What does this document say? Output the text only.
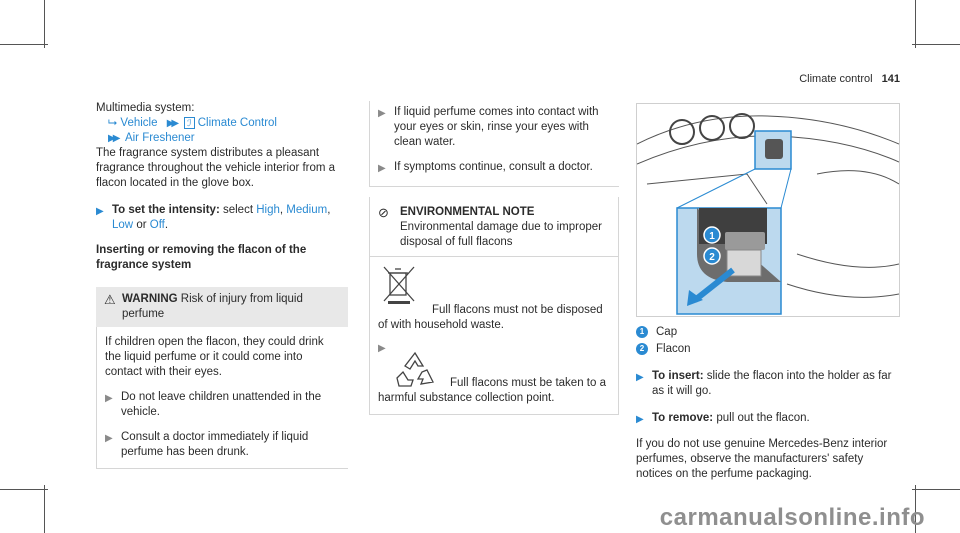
Climate control 141

Multimedia system:

⮡ Vehicle ▶▶ ℐ Climate Control

▶▶ Air Freshener

The fragrance system distributes a pleasant fragrance throughout the vehicle interior from a flacon located in the glove box.

▶ To set the intensity: select High, Medium, Low or Off.

Inserting or removing the flacon of the fragrance system

⚠ WARNING Risk of injury from liquid perfume

If children open the flacon, they could drink the liquid perfume or it could come into contact with their eyes.

▶ Do not leave children unattended in the vehicle.
▶ Consult a doctor immediately if liquid perfume has been drunk.
▶ If liquid perfume comes into contact with your eyes or skin, rinse your eyes with clean water.
▶ If symptoms continue, consult a doctor.
⊘ ENVIRONMENTAL NOTE Environmental damage due to improper disposal of full flacons

Full flacons must not be disposed of with household waste.

▶

Full flacons must be taken to a harmful substance collection point.

1
2

1 Cap

2 Flacon

▶ To insert: slide the flacon into the holder as far as it will go.
▶ To remove: pull out the flacon.

If you do not use genuine Mercedes-Benz interior perfumes, observe the manufacturers' safety notices on the perfume packaging.

carmanualsonline.info
